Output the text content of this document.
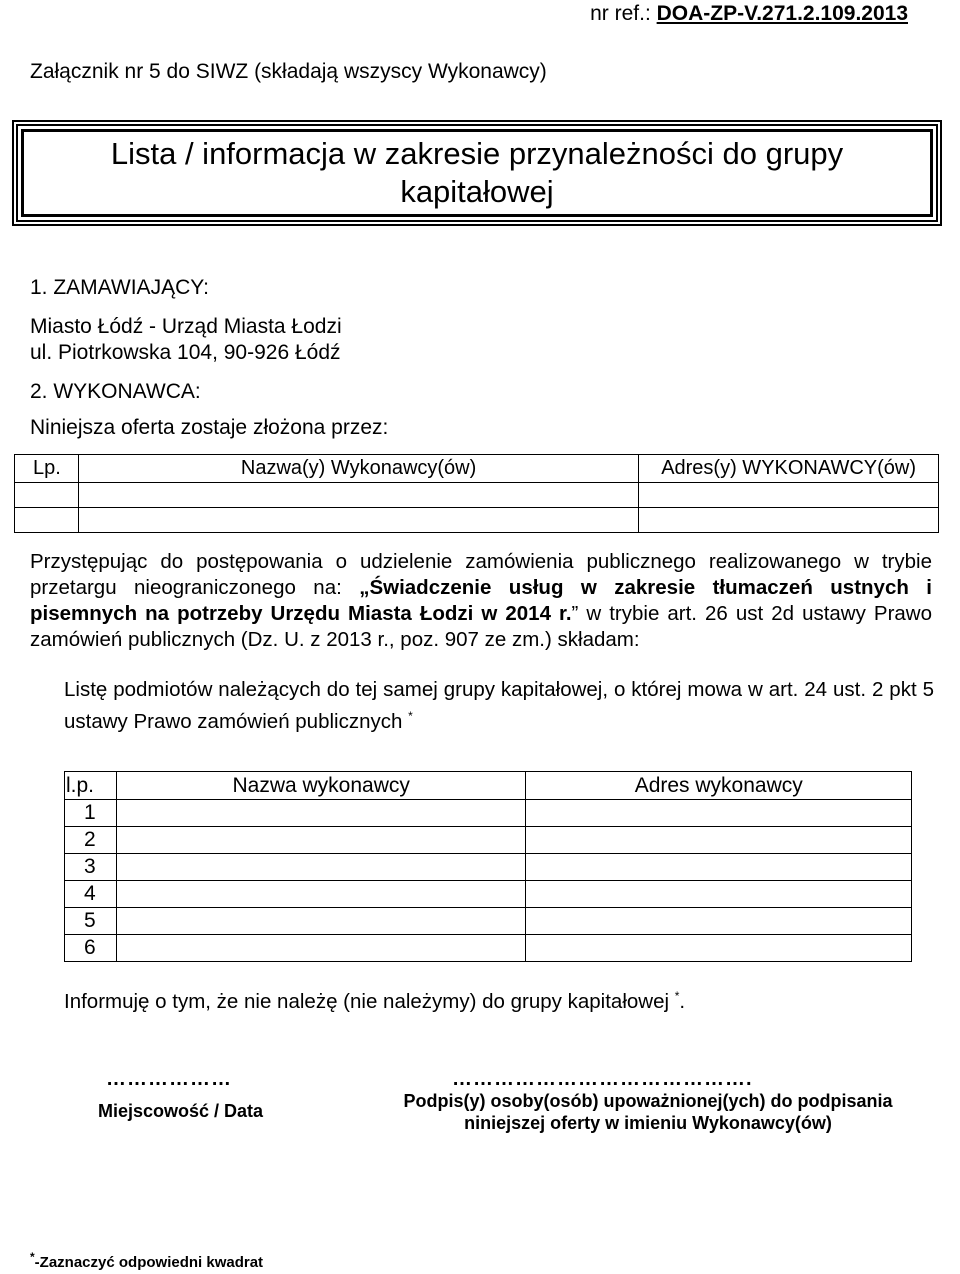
nr ref.: DOA-ZP-V.271.2.109.2013
Załącznik nr 5 do SIWZ (składają wszyscy Wykonawcy)
Lista / informacja w zakresie przynależności do grupy
kapitałowej
1. ZAMAWIAJĄCY:
Miasto Łódź - Urząd Miasta Łodzi
ul. Piotrkowska 104, 90-926 Łódź
2. WYKONAWCA:
Niniejsza oferta zostaje złożona przez:
Lp.	Nazwa(y) Wykonawcy(ów)	Adres(y) WYKONAWCY(ów)

Przystępując do postępowania o udzielenie zamówienia publicznego realizowanego w trybie przetargu nieograniczonego na: „Świadczenie usług w zakresie tłumaczeń ustnych i pisemnych na potrzeby Urzędu Miasta Łodzi w 2014 r.” w trybie art. 26 ust 2d ustawy Prawo zamówień publicznych (Dz. U. z 2013 r., poz. 907 ze zm.) składam:
Listę podmiotów należących do tej samej grupy kapitałowej, o której mowa w art. 24 ust. 2 pkt 5 ustawy Prawo zamówień publicznych *
l.p.	Nazwa wykonawcy	Adres wykonawcy
1		
2		
3		
4		
5		
6		
Informuję o tym, że nie należę (nie należymy) do grupy kapitałowej *.
………………
Miejscowość / Data
…………………………………….
Podpis(y) osoby(osób) upoważnionej(ych) do podpisania
niniejszej oferty w imieniu Wykonawcy(ów)
*-Zaznaczyć odpowiedni kwadrat
